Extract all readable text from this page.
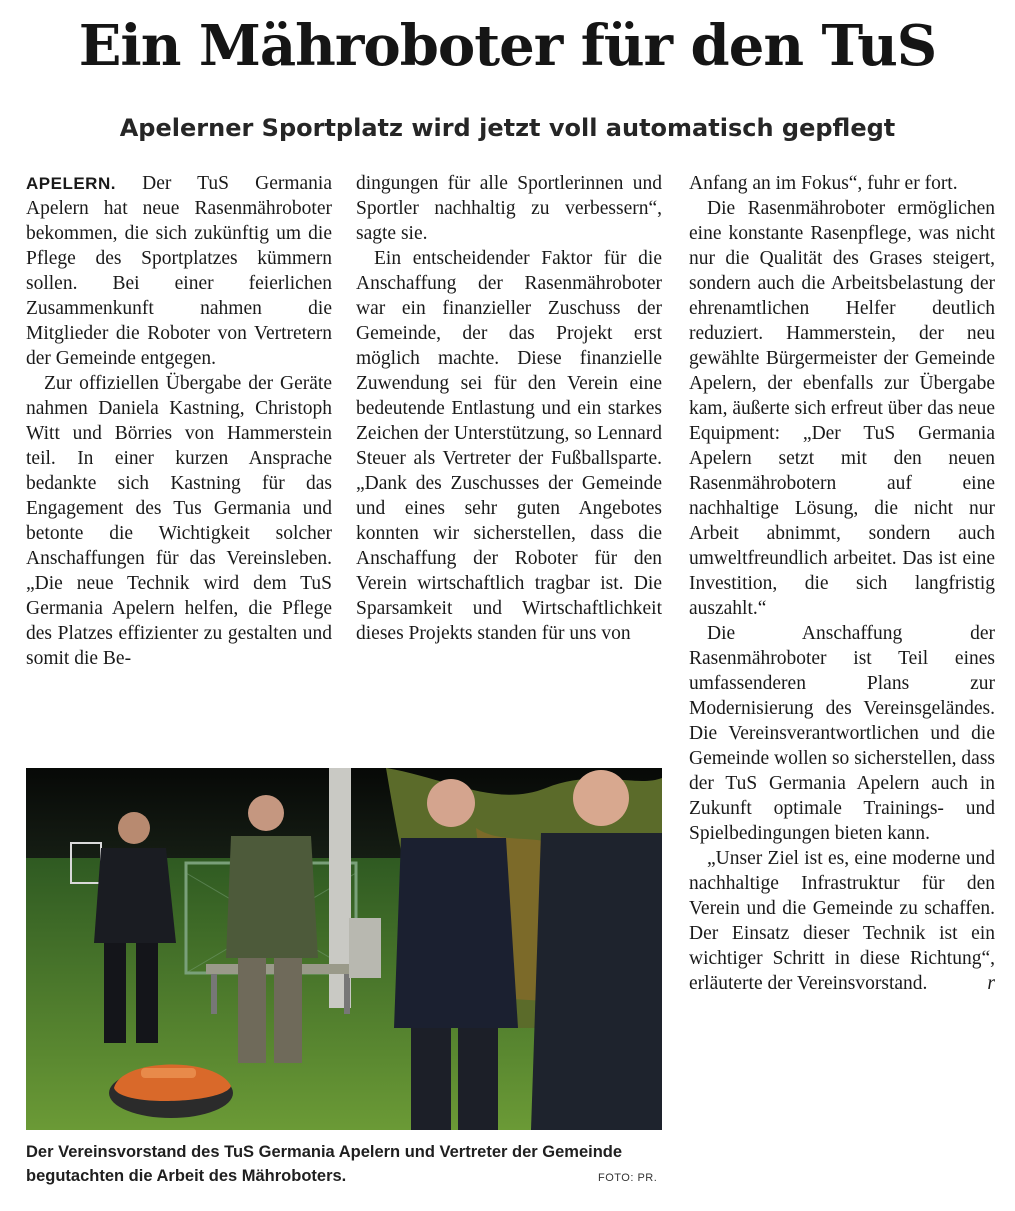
Ein Mähroboter für den TuS
Apelerner Sportplatz wird jetzt voll automatisch gepflegt

APELERN. Der TuS Germania Apelern hat neue Rasenmähroboter bekommen, die sich zukünftig um die Pflege des Sportplatzes kümmern sollen. Bei einer feierlichen Zusammenkunft nahmen die Mitglieder die Roboter von Vertretern der Gemeinde entgegen.

Zur offiziellen Übergabe der Geräte nahmen Daniela Kastning, Christoph Witt und Börries von Hammerstein teil. In einer kurzen Ansprache bedankte sich Kastning für das Engagement des Tus Germania und betonte die Wichtigkeit solcher Anschaffungen für das Vereinsleben. „Die neue Technik wird dem TuS Germania Apelern helfen, die Pflege des Platzes effizienter zu gestalten und somit die Be-

dingungen für alle Sportlerinnen und Sportler nachhaltig zu verbessern“, sagte sie.

Ein entscheidender Faktor für die Anschaffung der Rasenmähroboter war ein finanzieller Zuschuss der Gemeinde, der das Projekt erst möglich machte. Diese finanzielle Zuwendung sei für den Verein eine bedeutende Entlastung und ein starkes Zeichen der Unterstützung, so Lennard Steuer als Vertreter der Fußballsparte. „Dank des Zuschusses der Gemeinde und eines sehr guten Angebotes konnten wir sicherstellen, dass die Anschaffung der Roboter für den Verein wirtschaftlich tragbar ist. Die Sparsamkeit und Wirtschaftlichkeit dieses Projekts standen für uns von

Anfang an im Fokus“, fuhr er fort.

Die Rasenmähroboter ermöglichen eine konstante Rasenpflege, was nicht nur die Qualität des Grases steigert, sondern auch die Arbeitsbelastung der ehrenamtlichen Helfer deutlich reduziert. Hammerstein, der neu gewählte Bürgermeister der Gemeinde Apelern, der ebenfalls zur Übergabe kam, äußerte sich erfreut über das neue Equipment: „Der TuS Germania Apelern setzt mit den neuen Rasenmährobotern auf eine nachhaltige Lösung, die nicht nur Arbeit abnimmt, sondern auch umweltfreundlich arbeitet. Das ist eine Investition, die sich langfristig auszahlt.“

Die Anschaffung der Rasenmähroboter ist Teil eines umfassenderen Plans zur Modernisierung des Vereinsgeländes. Die Vereinsverantwortlichen und die Gemeinde wollen so sicherstellen, dass der TuS Germania Apelern auch in Zukunft optimale Trainings- und Spielbedingungen bieten kann.

„Unser Ziel ist es, eine moderne und nachhaltige Infrastruktur für den Verein und die Gemeinde zu schaffen. Der Einsatz dieser Technik ist ein wichtiger Schritt in diese Richtung“, erläuterte der Vereinsvorstand.	r

Der Vereinsvorstand des TuS Germania Apelern und Vertreter der Gemeinde begutachten die Arbeit des Mähroboters.	FOTO: PR.
